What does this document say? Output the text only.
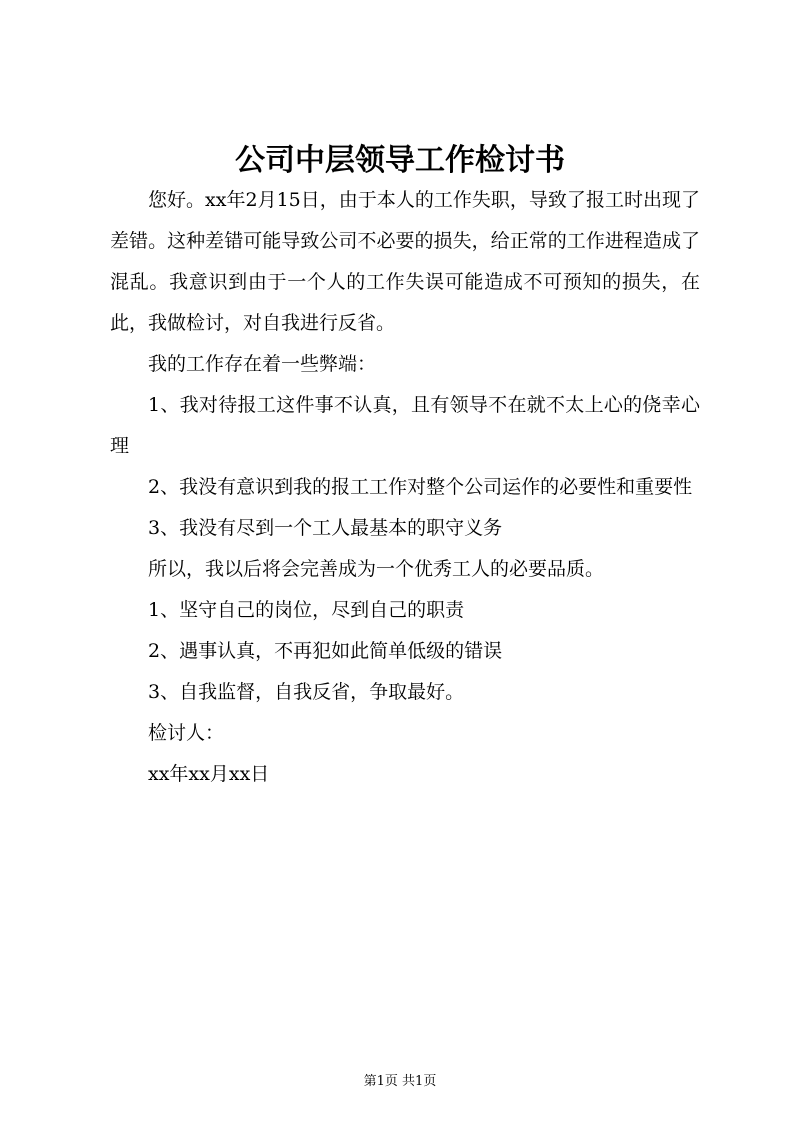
公司中层领导工作检讨书

您好。xx年2月15日，由于本人的工作失职，导致了报工时出现了差错。这种差错可能导致公司不必要的损失，给正常的工作进程造成了混乱。我意识到由于一个人的工作失误可能造成不可预知的损失，在此，我做检讨，对自我进行反省。

我的工作存在着一些弊端：

1、我对待报工这件事不认真，且有领导不在就不太上心的侥幸心理

2、我没有意识到我的报工工作对整个公司运作的必要性和重要性

3、我没有尽到一个工人最基本的职守义务

所以，我以后将会完善成为一个优秀工人的必要品质。

1、坚守自己的岗位，尽到自己的职责

2、遇事认真，不再犯如此简单低级的错误

3、自我监督，自我反省，争取最好。

检讨人：

xx年xx月xx日

第1页 共1页
